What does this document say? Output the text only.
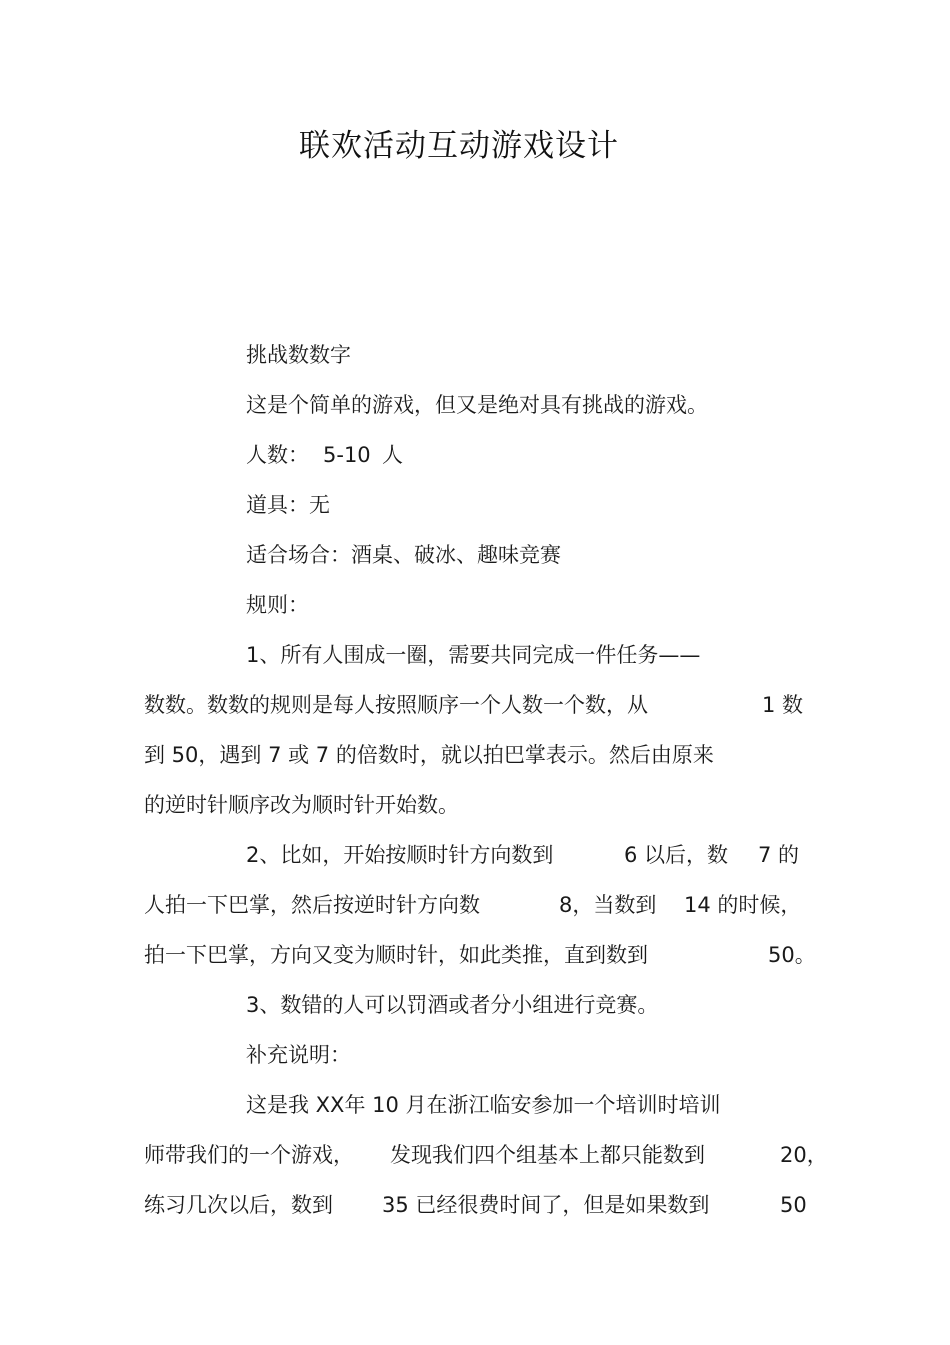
联欢活动互动游戏设计
挑战数数字
这是个简单的游戏，但又是绝对具有挑战的游戏。
人数： 5-10 人
道具：无
适合场合：酒桌、破冰、趣味竞赛
规则：
1、所有人围成一圈，需要共同完成一件任务——
数数。数数的规则是每人按照顺序一个人数一个数，从	1 数
到 50，遇到 7 或 7 的倍数时，就以拍巴掌表示。然后由原来
的逆时针顺序改为顺时针开始数。
2、比如，开始按顺时针方向数到	6 以后，数 7 的
人拍一下巴掌，然后按逆时针方向数	8，当数到 14 的时候，
拍一下巴掌，方向又变为顺时针，如此类推，直到数到	50。
3、数错的人可以罚酒或者分小组进行竞赛。
补充说明：
这是我 XX年 10 月在浙江临安参加一个培训时培训
师带我们的一个游戏， 发现我们四个组基本上都只能数到	20，
练习几次以后，数到 35 已经很费时间了，但是如果数到	50
